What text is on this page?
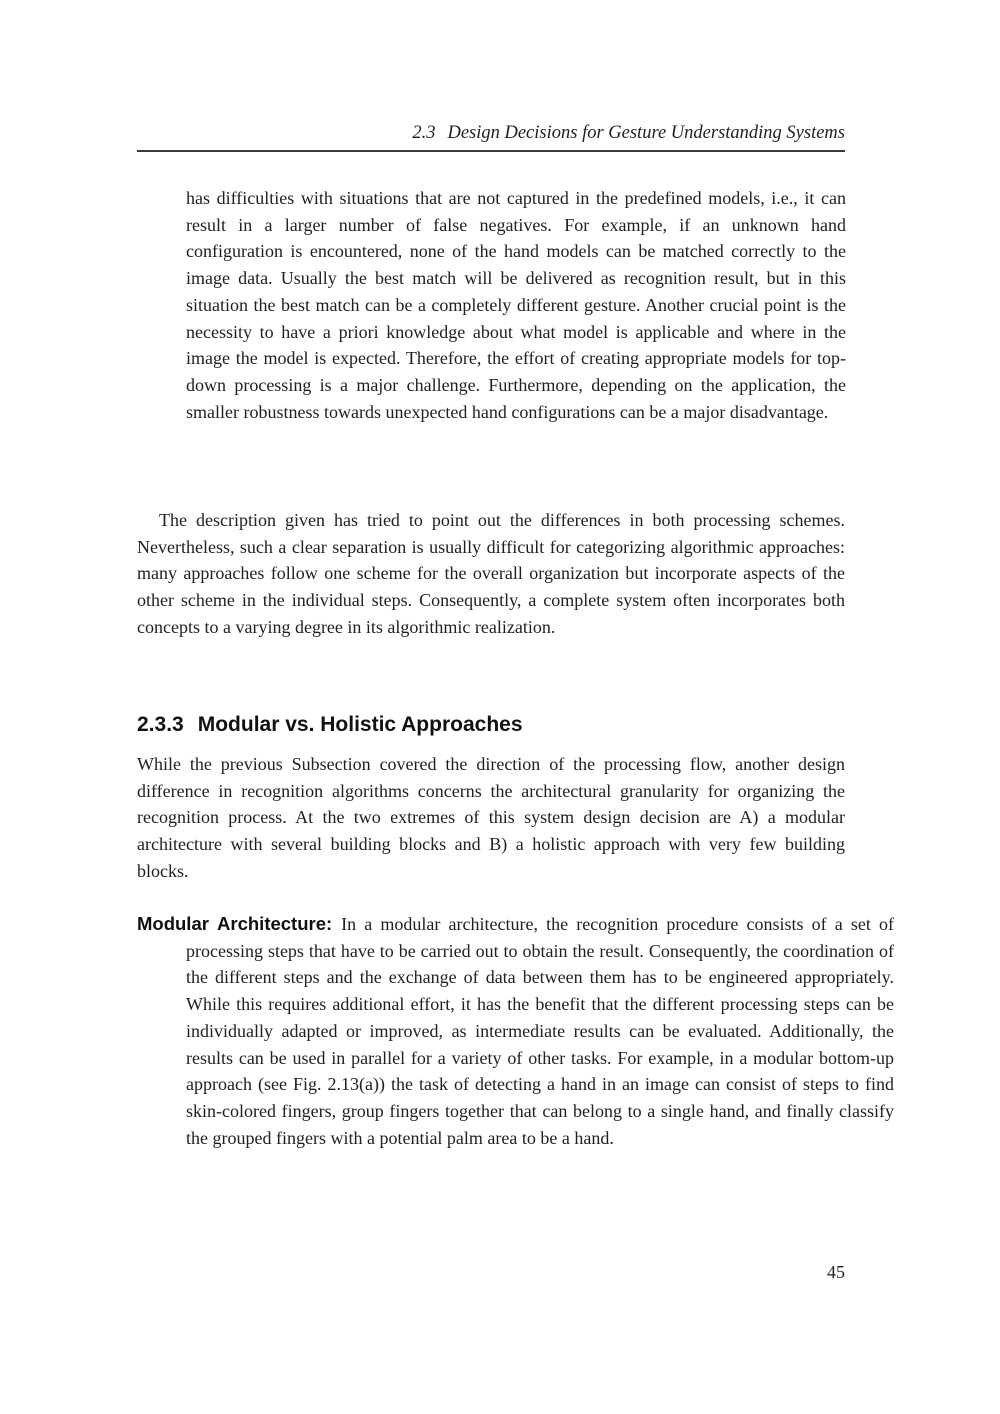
2.3 Design Decisions for Gesture Understanding Systems
has difficulties with situations that are not captured in the predefined models, i.e., it can result in a larger number of false negatives. For example, if an unknown hand configuration is encountered, none of the hand models can be matched correctly to the image data. Usually the best match will be delivered as recognition result, but in this situation the best match can be a completely different gesture. Another crucial point is the necessity to have a priori knowledge about what model is applicable and where in the image the model is expected. Therefore, the effort of creating appropriate models for top-down processing is a major challenge. Furthermore, depending on the application, the smaller robustness towards unexpected hand configurations can be a major disadvantage.
The description given has tried to point out the differences in both processing schemes. Nevertheless, such a clear separation is usually difficult for categorizing algorithmic approaches: many approaches follow one scheme for the overall organization but incorporate aspects of the other scheme in the individual steps. Consequently, a complete system often incorporates both concepts to a varying degree in its algorithmic realization.
2.3.3 Modular vs. Holistic Approaches
While the previous Subsection covered the direction of the processing flow, another design difference in recognition algorithms concerns the architectural granularity for organizing the recognition process. At the two extremes of this system design decision are A) a modular architecture with several building blocks and B) a holistic approach with very few building blocks.
Modular Architecture: In a modular architecture, the recognition procedure consists of a set of processing steps that have to be carried out to obtain the result. Consequently, the coordination of the different steps and the exchange of data between them has to be engineered appropriately. While this requires additional effort, it has the benefit that the different processing steps can be individually adapted or improved, as intermediate results can be evaluated. Additionally, the results can be used in parallel for a variety of other tasks. For example, in a modular bottom-up approach (see Fig. 2.13(a)) the task of detecting a hand in an image can consist of steps to find skin-colored fingers, group fingers together that can belong to a single hand, and finally classify the grouped fingers with a potential palm area to be a hand.
45
